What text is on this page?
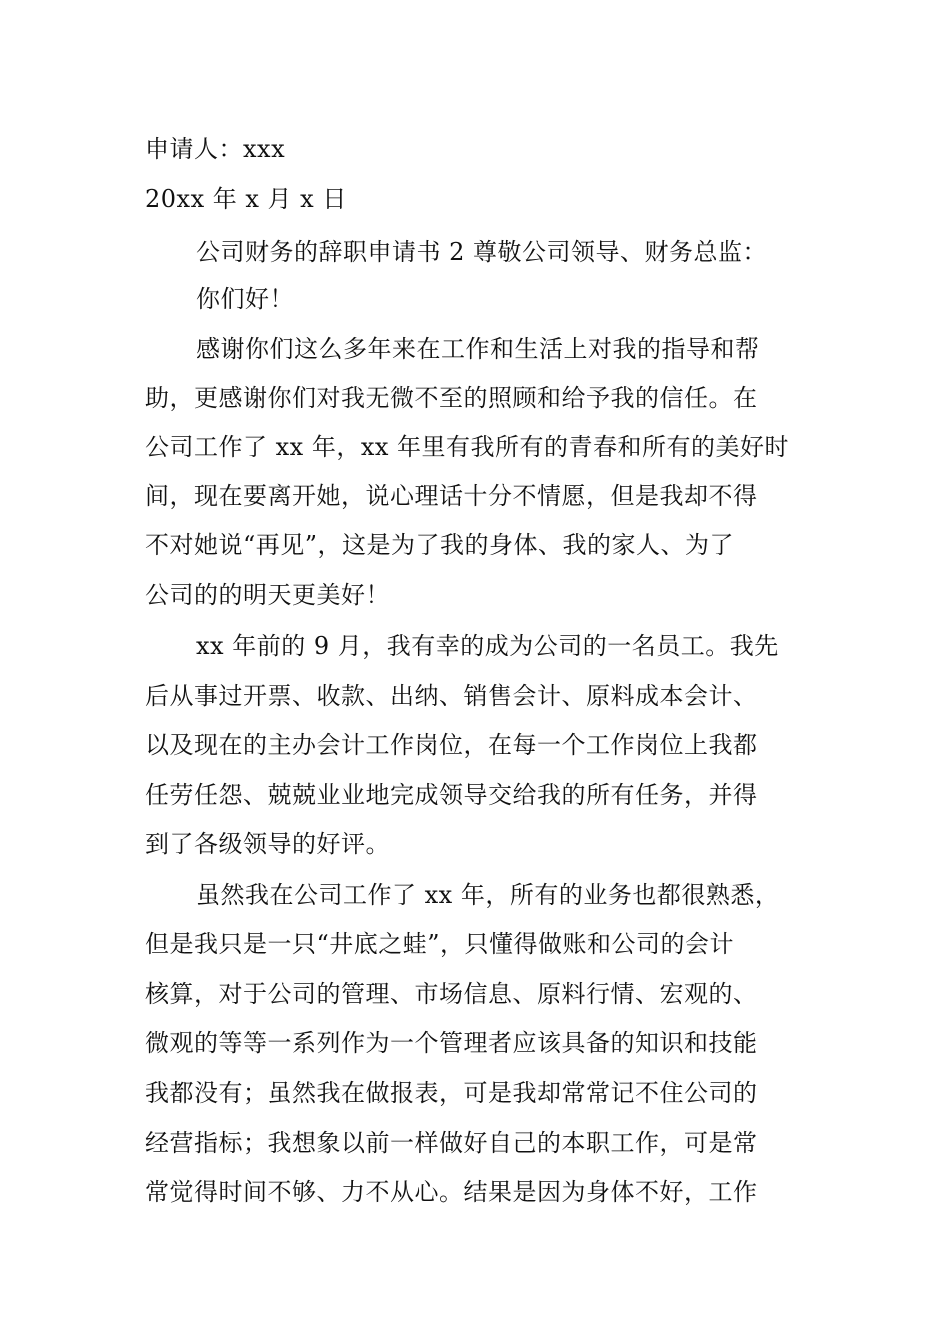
申请人：xxx
20xx 年 x 月 x 日
公司财务的辞职申请书 2 尊敬公司领导、财务总监：
你们好！
感谢你们这么多年来在工作和生活上对我的指导和帮
助，更感谢你们对我无微不至的照顾和给予我的信任。在
公司工作了 xx 年，xx 年里有我所有的青春和所有的美好时
间，现在要离开她，说心理话十分不情愿，但是我却不得
不对她说“再见”，这是为了我的身体、我的家人、为了
公司的的明天更美好！
xx 年前的 9 月，我有幸的成为公司的一名员工。我先
后从事过开票、收款、出纳、销售会计、原料成本会计、
以及现在的主办会计工作岗位，在每一个工作岗位上我都
任劳任怨、兢兢业业地完成领导交给我的所有任务，并得
到了各级领导的好评。
虽然我在公司工作了 xx 年，所有的业务也都很熟悉，
但是我只是一只“井底之蛙”，只懂得做账和公司的会计
核算，对于公司的管理、市场信息、原料行情、宏观的、
微观的等等一系列作为一个管理者应该具备的知识和技能
我都没有；虽然我在做报表，可是我却常常记不住公司的
经营指标；我想象以前一样做好自己的本职工作，可是常
常觉得时间不够、力不从心。结果是因为身体不好，工作
